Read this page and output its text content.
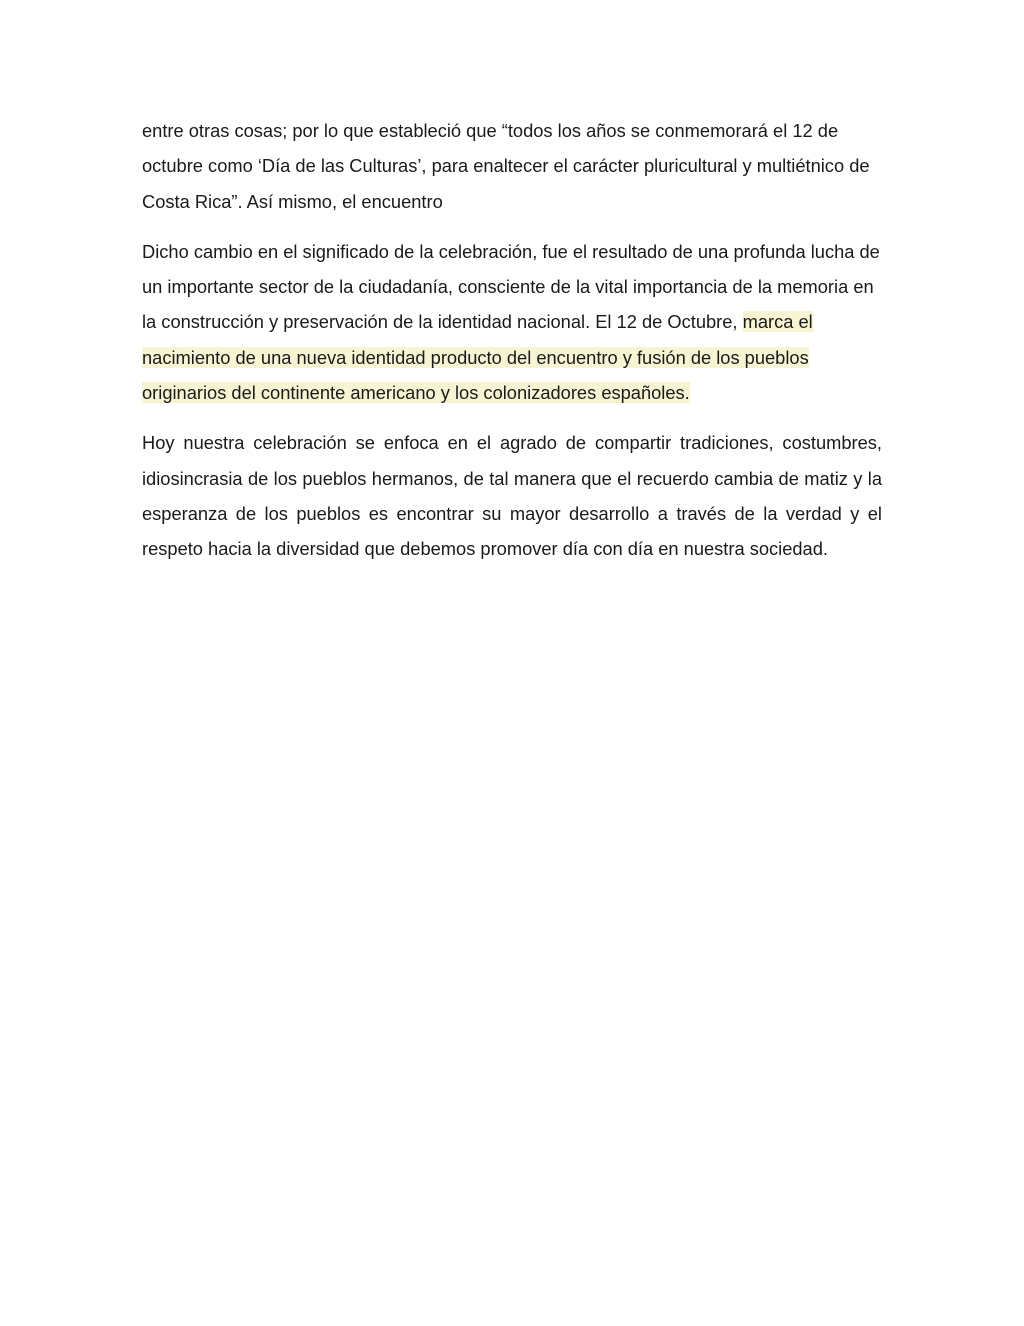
entre otras cosas; por lo que estableció que “todos los años se conmemorará el 12 de octubre como ‘Día de las Culturas’, para enaltecer el carácter pluricultural y multiétnico de Costa Rica”. Así mismo, el encuentro

Dicho cambio en el significado de la celebración, fue el resultado de una profunda lucha de un importante sector de la ciudadanía, consciente de la vital importancia de la memoria en la construcción y preservación de la identidad nacional. El 12 de Octubre, marca el nacimiento de una nueva identidad producto del encuentro y fusión de los pueblos originarios del continente americano y los colonizadores españoles.

Hoy nuestra celebración se enfoca en el agrado de compartir tradiciones, costumbres, idiosincrasia de los pueblos hermanos, de tal manera que el recuerdo cambia de matiz y la esperanza de los pueblos es encontrar su mayor desarrollo a través de la verdad y el respeto hacia la diversidad que debemos promover día con día en nuestra sociedad.
